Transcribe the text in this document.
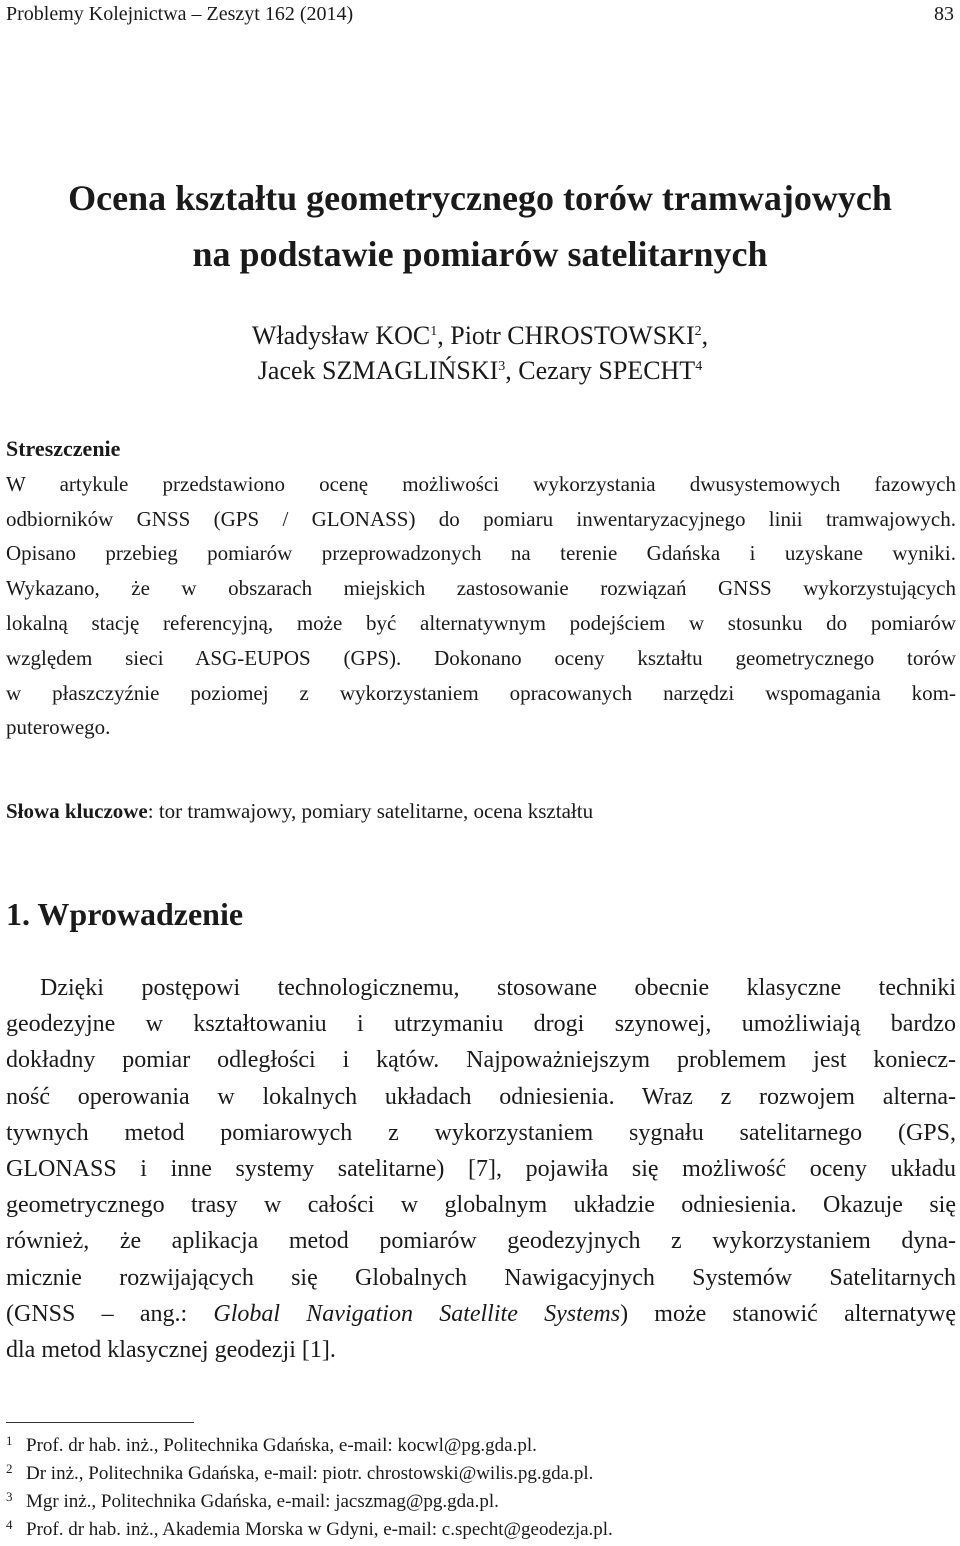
Problemy Kolejnictwa – Zeszyt 162 (2014)	83
Ocena kształtu geometrycznego torów tramwajowych
na podstawie pomiarów satelitarnych
Władysław KOC$^1$, Piotr CHROSTOWSKI$^2$,
Jacek SZMAGLIŃSKI$^3$, Cezary SPECHT$^4$
Streszczenie
W artykule przedstawiono ocenę możliwości wykorzystania dwusystemowych fazowych
odbiorników GNSS (GPS / GLONASS) do pomiaru inwentaryzacyjnego linii tramwajowych.
Opisano przebieg pomiarów przeprowadzonych na terenie Gdańska i uzyskane wyniki.
Wykazano, że w obszarach miejskich zastosowanie rozwiązań GNSS wykorzystujących
lokalną stację referencyjną, może być alternatywnym podejściem w stosunku do pomiarów
względem sieci ASG-EUPOS (GPS). Dokonano oceny kształtu geometrycznego torów
w płaszczyźnie poziomej z wykorzystaniem opracowanych narzędzi wspomagania kom-
puterowego.
Słowa kluczowe: tor tramwajowy, pomiary satelitarne, ocena kształtu
1. Wprowadzenie
Dzięki postępowi technologicznemu, stosowane obecnie klasyczne techniki
geodezyjne w kształtowaniu i utrzymaniu drogi szynowej, umożliwiają bardzo
dokładny pomiar odległości i kątów. Najpoważniejszym problemem jest koniecz-
ność operowania w lokalnych układach odniesienia. Wraz z rozwojem alterna-
tywnych metod pomiarowych z wykorzystaniem sygnału satelitarnego (GPS,
GLONASS i inne systemy satelitarne) [7], pojawiła się możliwość oceny układu
geometrycznego trasy w całości w globalnym układzie odniesienia. Okazuje się
również, że aplikacja metod pomiarów geodezyjnych z wykorzystaniem dyna-
micznie rozwijających się Globalnych Nawigacyjnych Systemów Satelitarnych
(GNSS – ang.: Global Navigation Satellite Systems) może stanowić alternatywę
dla metod klasycznej geodezji [1].
1 Prof. dr hab. inż., Politechnika Gdańska, e-mail: kocwl@pg.gda.pl.
2 Dr inż., Politechnika Gdańska, e-mail: piotr. chrostowski@wilis.pg.gda.pl.
3 Mgr inż., Politechnika Gdańska, e-mail: jacszmag@pg.gda.pl.
4 Prof. dr hab. inż., Akademia Morska w Gdyni, e-mail: c.specht@geodezja.pl.
